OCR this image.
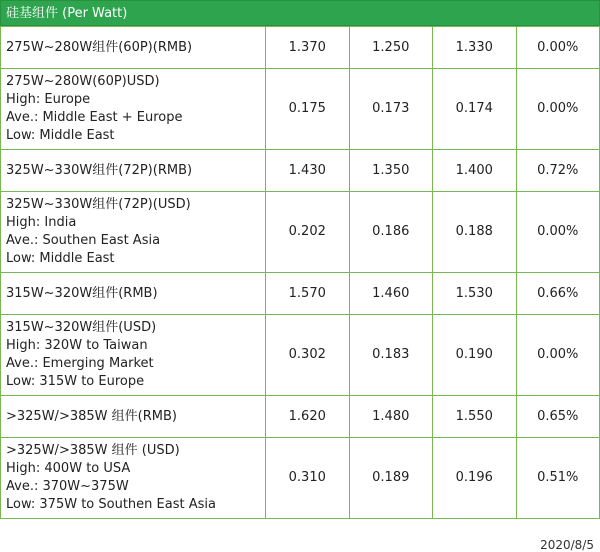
硅基组件 (Per Watt)
275W~280W组件(60P)(RMB)	1.370	1.250	1.330	0.00%

275W~280W(60P)USD)
High: Europe
Ave.: Middle East + Europe
Low: Middle East	0.175	0.173	0.174	0.00%

325W~330W组件(72P)(RMB)	1.430	1.350	1.400	0.72%

325W~330W组件(72P)(USD)
High: India
Ave.: Southen East Asia
Low: Middle East	0.202	0.186	0.188	0.00%

315W~320W组件(RMB)	1.570	1.460	1.530	0.66%

315W~320W组件(USD)
High: 320W to Taiwan
Ave.: Emerging Market
Low: 315W to Europe	0.302	0.183	0.190	0.00%

>325W/>385W 组件(RMB)	1.620	1.480	1.550	0.65%

>325W/>385W 组件 (USD)
High: 400W to USA
Ave.: 370W~375W
Low: 375W to Southen East Asia	0.310	0.189	0.196	0.51%
2020/8/5
